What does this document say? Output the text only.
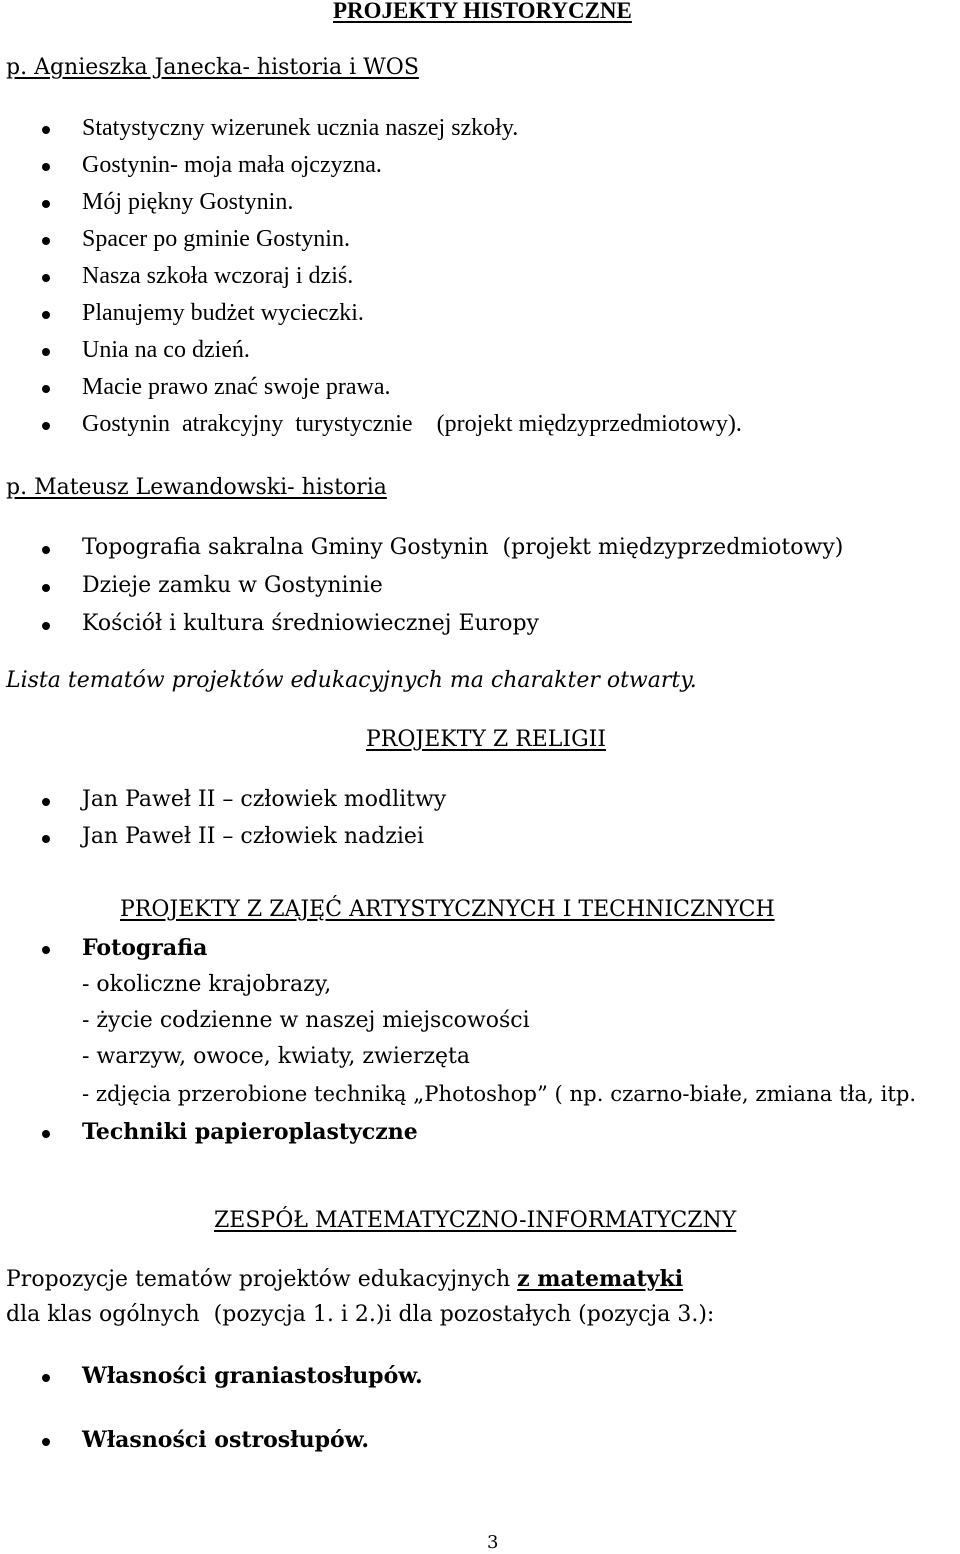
PROJEKTY HISTORYCZNE
p. Agnieszka Janecka- historia i WOS
Statystyczny wizerunek ucznia naszej szkoły.
Gostynin- moja mała ojczyzna.
Mój piękny Gostynin.
Spacer po gminie Gostynin.
Nasza szkoła wczoraj i dziś.
Planujemy budżet wycieczki.
Unia na co dzień.
Macie prawo znać swoje prawa.
Gostynin  atrakcyjny  turystycznie    (projekt międzyprzedmiotowy).
p. Mateusz Lewandowski- historia
Topografia sakralna Gminy Gostynin  (projekt międzyprzedmiotowy)
Dzieje zamku w Gostyninie
Kościół i kultura średniowiecznej Europy
Lista tematów projektów edukacyjnych ma charakter otwarty.
PROJEKTY Z RELIGII
Jan Paweł II – człowiek modlitwy
Jan Paweł II – człowiek nadziei
PROJEKTY Z ZAJĘĆ ARTYSTYCZNYCH I TECHNICZNYCH
Fotografia
- okoliczne krajobrazy,
- życie codzienne w naszej miejscowości
- warzyw, owoce, kwiaty, zwierzęta
- zdjęcia przerobione techniką „Photoshop” ( np. czarno-białe, zmiana tła, itp.
Techniki papieroplastyczne
ZESPÓŁ MATEMATYCZNO-INFORMATYCZNY
Propozycje tematów projektów edukacyjnych z matematyki
dla klas ogólnych  (pozycja 1. i 2.)i dla pozostałych (pozycja 3.):
Własności graniastosłupów.
Własności ostrosłupów.
3
